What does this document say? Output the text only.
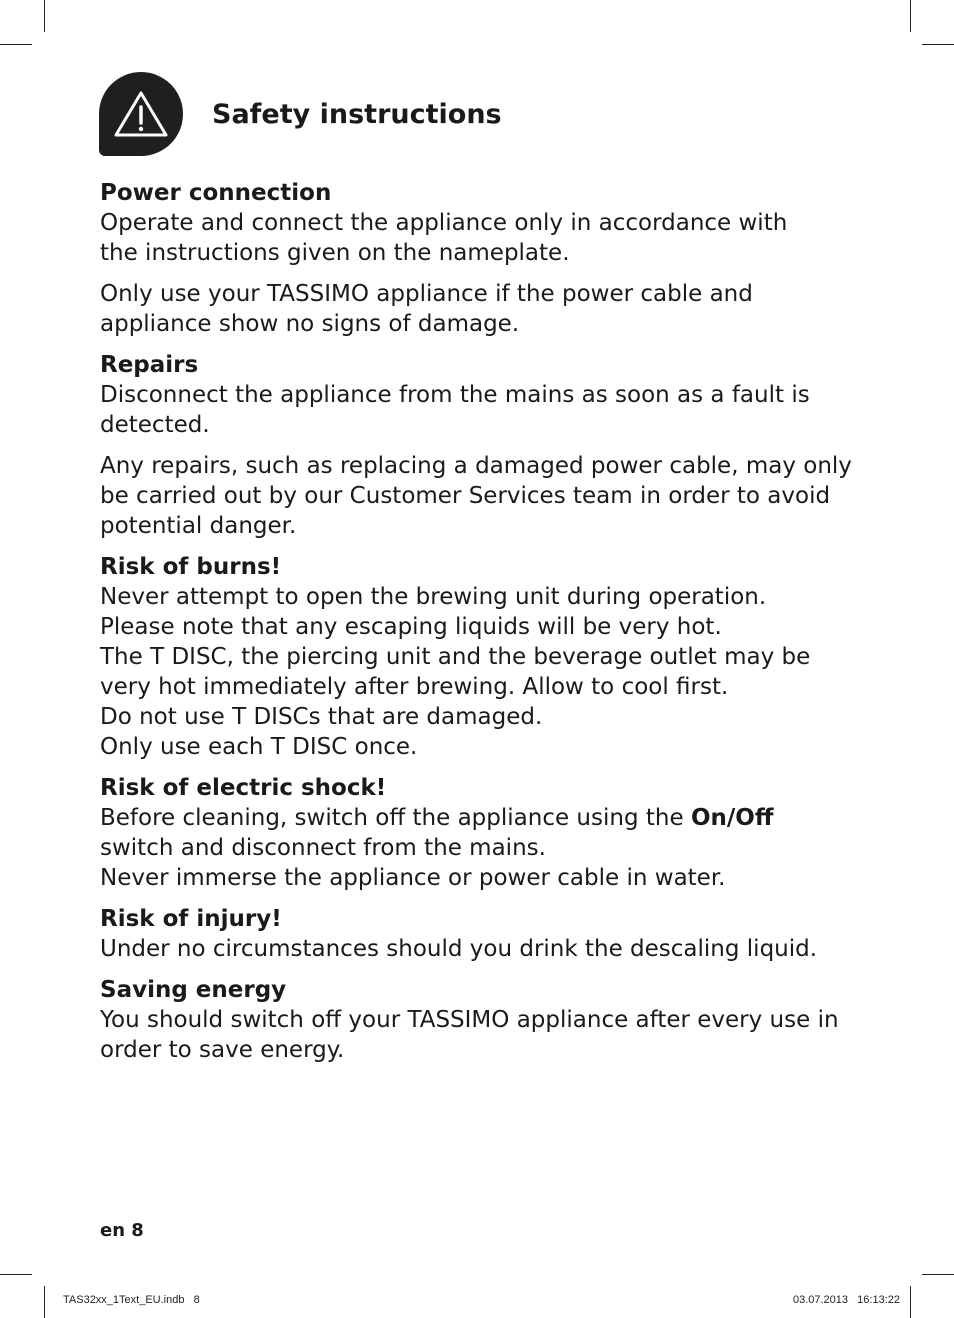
Safety instructions
Power connection
Operate and connect the appliance only in accordance with
the instructions given on the nameplate.
Only use your TASSIMO appliance if the power cable and
appliance show no signs of damage.
Repairs
Disconnect the appliance from the mains as soon as a fault is
detected.
Any repairs, such as replacing a damaged power cable, may only
be carried out by our Customer Services team in order to avoid
potential danger.
Risk of burns!
Never attempt to open the brewing unit during operation.
Please note that any escaping liquids will be very hot.
The T DISC, the piercing unit and the beverage outlet may be
very hot immediately after brewing. Allow to cool first.
Do not use T DISCs that are damaged.
Only use each T DISC once.
Risk of electric shock!
Before cleaning, switch off the appliance using the On/Off
switch and disconnect from the mains.
Never immerse the appliance or power cable in water.
Risk of injury!
Under no circumstances should you drink the descaling liquid.
Saving energy
You should switch off your TASSIMO appliance after every use in
order to save energy.
en 8
TAS32xx_1Text_EU.indb   8	03.07.2013   16:13:22
